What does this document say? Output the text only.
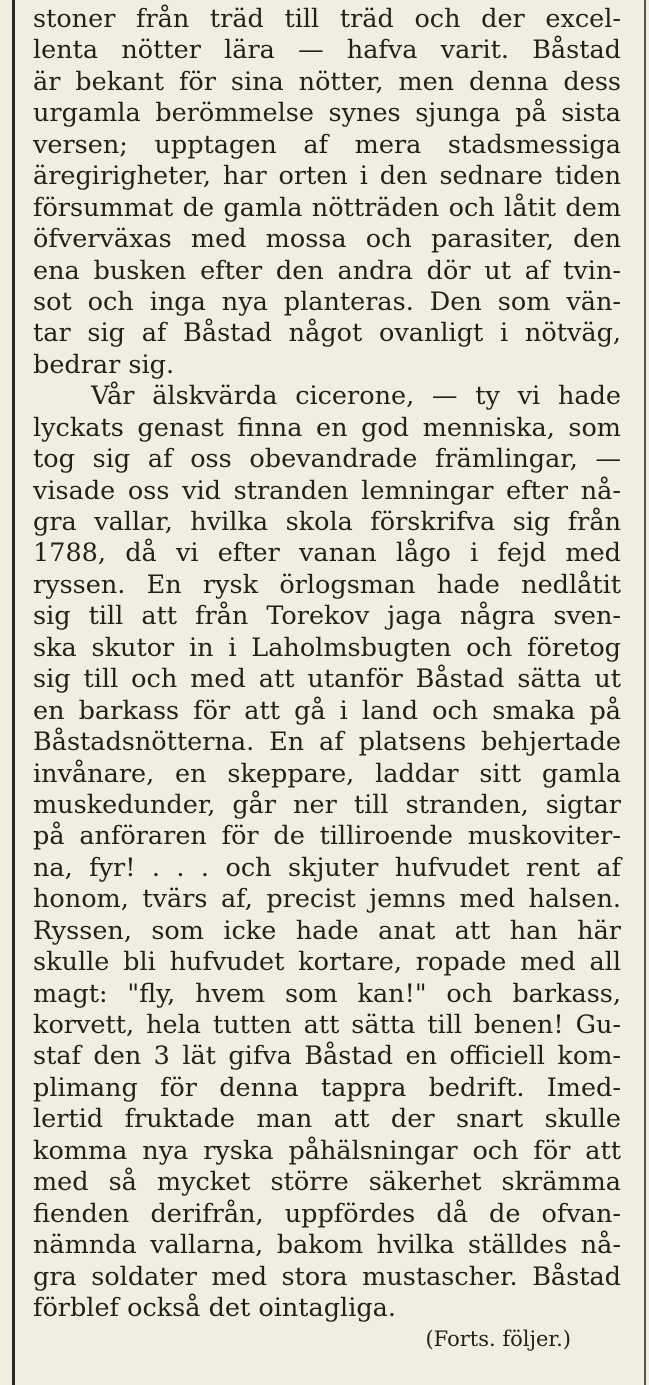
stoner från träd till träd och der excel-
lenta nötter lära — hafva varit. Båstad
är bekant för sina nötter, men denna dess
urgamla berömmelse synes sjunga på sista
versen; upptagen af mera stadsmessiga
äregirigheter, har orten i den sednare tiden
försummat de gamla nötträden och låtit dem
öfverväxas med mossa och parasiter, den
ena busken efter den andra dör ut af tvin-
sot och inga nya planteras. Den som vän-
tar sig af Båstad något ovanligt i nötväg,
bedrar sig.
Vår älskvärda cicerone, — ty vi hade
lyckats genast finna en god menniska, som
tog sig af oss obevandrade främlingar, —
visade oss vid stranden lemningar efter nå-
gra vallar, hvilka skola förskrifva sig från
1788, då vi efter vanan lågo i fejd med
ryssen. En rysk örlogsman hade nedlåtit
sig till att från Torekov jaga några sven-
ska skutor in i Laholmsbugten och företog
sig till och med att utanför Båstad sätta ut
en barkass för att gå i land och smaka på
Båstadsnötterna. En af platsens behjertade
invånare, en skeppare, laddar sitt gamla
muskedunder, går ner till stranden, sigtar
på anföraren för de tilliroende muskoviter-
na, fyr! . . . och skjuter hufvudet rent af
honom, tvärs af, precist jemns med halsen.
Ryssen, som icke hade anat att han här
skulle bli hufvudet kortare, ropade med all
magt: "fly, hvem som kan!" och barkass,
korvett, hela tutten att sätta till benen! Gu-
staf den 3 lät gifva Båstad en officiell kom-
plimang för denna tappra bedrift. Imed-
lertid fruktade man att der snart skulle
komma nya ryska påhälsningar och för att
med så mycket större säkerhet skrämma
fienden derifrån, uppfördes då de ofvan-
nämnda vallarna, bakom hvilka ställdes nå-
gra soldater med stora mustascher. Båstad
förblef också det ointagliga.
(Forts. följer.)
